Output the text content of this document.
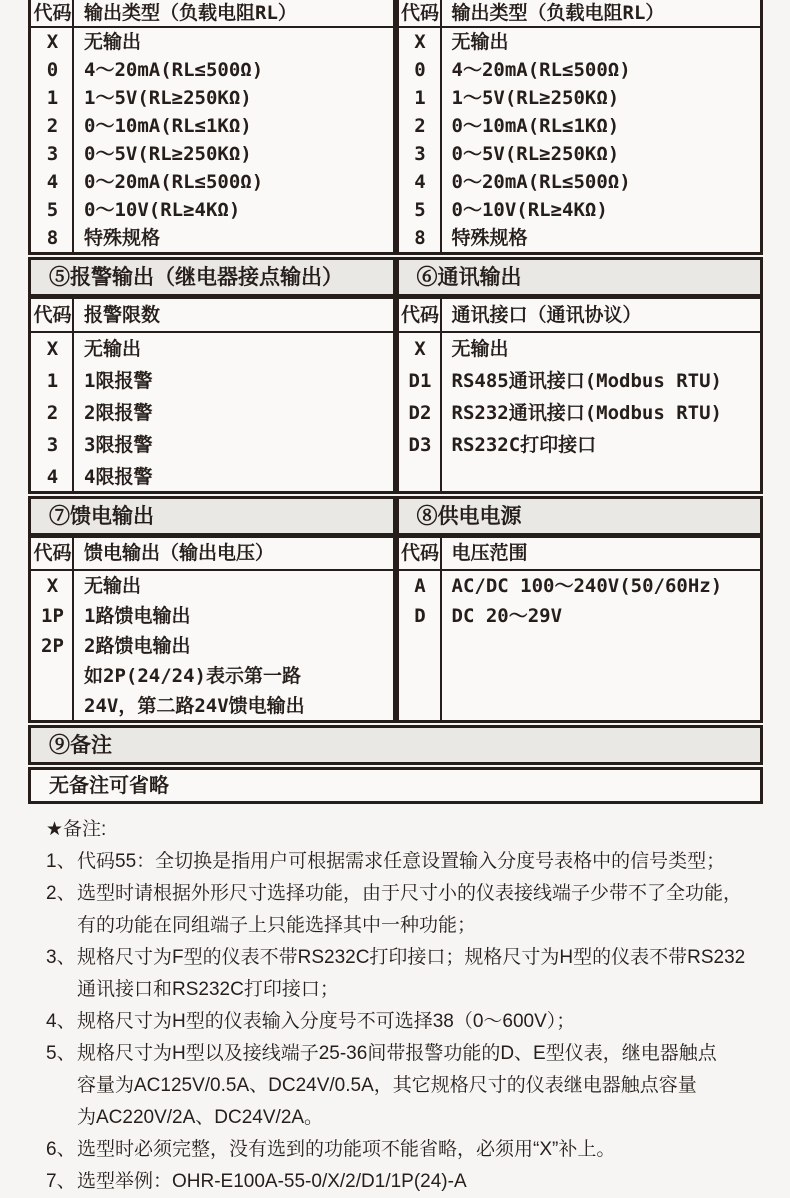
代码 输出类型（负载电阻RL）
X	无输出
0	4～20mA(RL≤500Ω)
1	1～5V(RL≥250KΩ)
2	0～10mA(RL≤1KΩ)
3	0～5V(RL≥250KΩ)
4	0～20mA(RL≤500Ω)
5	0～10V(RL≥4KΩ)
8	特殊规格
代码 输出类型（负载电阻RL）
X	无输出
0	4～20mA(RL≤500Ω)
1	1～5V(RL≥250KΩ)
2	0～10mA(RL≤1KΩ)
3	0～5V(RL≥250KΩ)
4	0～20mA(RL≤500Ω)
5	0～10V(RL≥4KΩ)
8	特殊规格
⑤报警输出（继电器接点输出）	⑥通讯输出
代码 报警限数
X	无输出
1	1限报警
2	2限报警
3	3限报警
4	4限报警
代码 通讯接口（通讯协议）
X	无输出
D1	RS485通讯接口(Modbus RTU)
D2	RS232通讯接口(Modbus RTU)
D3	RS232C打印接口
⑦馈电输出	⑧供电电源
代码 馈电输出（输出电压）
X	无输出
1P	1路馈电输出
2P	2路馈电输出
如2P(24/24)表示第一路
24V，第二路24V馈电输出
代码 电压范围
A	AC/DC 100～240V(50/60Hz)
D	DC 20～29V
⑨备注
无备注可省略
★备注:
1、 代码55：全切换是指用户可根据需求任意设置输入分度号表格中的信号类型；
2、 选型时请根据外形尺寸选择功能，由于尺寸小的仪表接线端子少带不了全功能，
有的功能在同组端子上只能选择其中一种功能；
3、 规格尺寸为F型的仪表不带RS232C打印接口；规格尺寸为H型的仪表不带RS232
通讯接口和RS232C打印接口；
4、 规格尺寸为H型的仪表输入分度号不可选择38（0～600V）；
5、 规格尺寸为H型以及接线端子25-36间带报警功能的D、E型仪表，继电器触点
容量为AC125V/0.5A、DC24V/0.5A，其它规格尺寸的仪表继电器触点容量
为AC220V/2A、DC24V/2A。
6、 选型时必须完整，没有选到的功能项不能省略，必须用“X”补上。
7、 选型举例：OHR-E100A-55-0/X/2/D1/1P(24)-A
